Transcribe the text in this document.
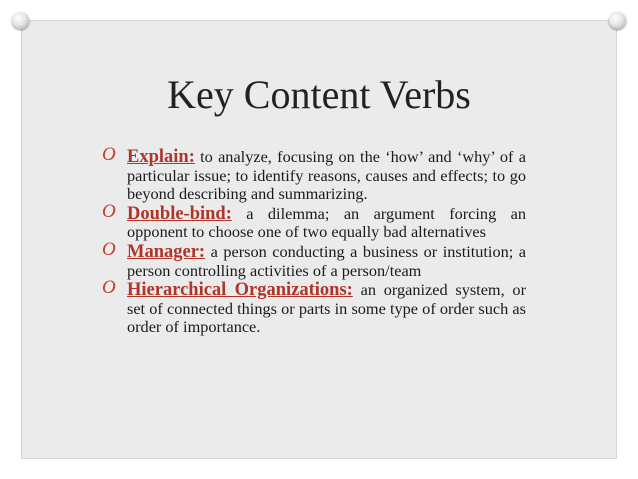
Key Content Verbs
O Explain: to analyze, focusing on the ‘how’ and ‘why’ of a particular issue; to identify reasons, causes and effects; to go beyond describing and summarizing.
O Double-bind: a dilemma; an argument forcing an opponent to choose one of two equally bad alternatives
O Manager: a person conducting a business or institution; a person controlling activities of a person/team
O Hierarchical Organizations: an organized system, or set of connected things or parts in some type of order such as order of importance.
